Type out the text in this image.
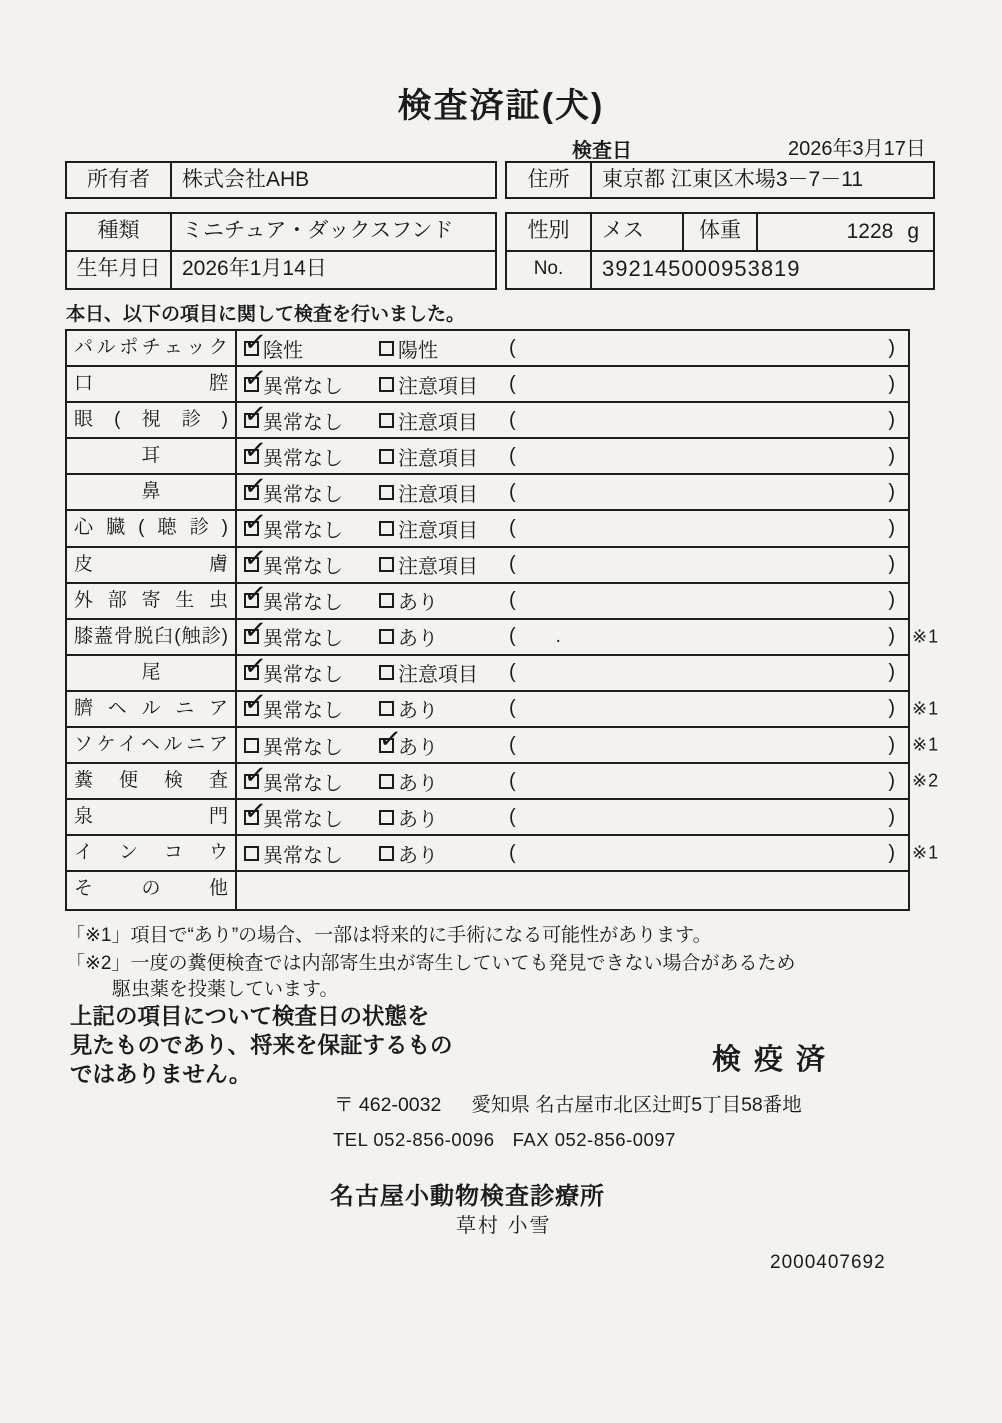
検査済証(犬)
検査日	2026年3月17日
所有者	株式会社AHB	住所	東京都 江東区木場3－7－11
種類	ミニチュア・ダックスフンド
生年月日	2026年1月14日
性別	メス	体重	1228 g
No.	392145000953819
本日、以下の項目に関して検査を行いました。
パルポチェック ✓	陰性	陽性	(	)
口腔 ✓	異常なし	注意項目 (	)
眼(視診) ✓	異常なし	注意項目 (	)
耳 ✓	異常なし	注意項目 (	)
鼻 ✓	異常なし	注意項目 (	)
心臓(聴診) ✓	異常なし	注意項目 (	)
皮膚 ✓	異常なし	注意項目 (	)
外部寄生虫 ✓	異常なし	あり	(	)
膝蓋骨脱臼(触診) ✓	異常なし	あり	(	.	) ※1
尾 ✓	異常なし	注意項目 (	)
臍ヘルニア ✓	異常なし	あり	(	) ※1
ソケイヘルニア	異常なし ✓	あり	(	) ※1
糞便検査 ✓	異常なし	あり	(	) ※2
泉門 ✓	異常なし	あり	(	)
インコウ	異常なし	あり	(	) ※1
その他
「※1」項目で“あり”の場合、一部は将来的に手術になる可能性があります。
「※2」一度の糞便検査では内部寄生虫が寄生していても発見できない場合があるため
駆虫薬を投薬しています。
上記の項目について検査日の状態を
見たものであり、将来を保証するもの
ではありません。	検疫済
〒 462-0032 愛知県 名古屋市北区辻町5丁目58番地
TEL 052-856-0096 FAX 052-856-0097
名古屋小動物検査診療所
草村 小雪
2000407692
